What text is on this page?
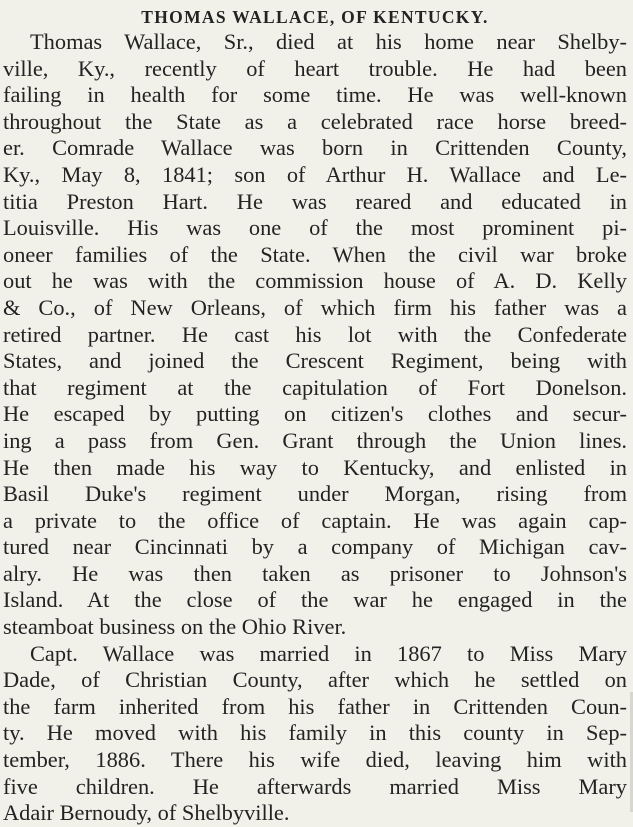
THOMAS WALLACE, OF KENTUCKY.

Thomas Wallace, Sr., died at his home near Shelby-
ville, Ky., recently of heart trouble. He had been
failing in health for some time. He was well-known
throughout the State as a celebrated race horse breed-
er. Comrade Wallace was born in Crittenden County,
Ky., May 8, 1841; son of Arthur H. Wallace and Le-
titia Preston Hart. He was reared and educated in
Louisville. His was one of the most prominent pi-
oneer families of the State. When the civil war broke
out he was with the commission house of A. D. Kelly
& Co., of New Orleans, of which firm his father was a
retired partner. He cast his lot with the Confederate
States, and joined the Crescent Regiment, being with
that regiment at the capitulation of Fort Donelson.
He escaped by putting on citizen's clothes and secur-
ing a pass from Gen. Grant through the Union lines.
He then made his way to Kentucky, and enlisted in
Basil Duke's regiment under Morgan, rising from
a private to the office of captain. He was again cap-
tured near Cincinnati by a company of Michigan cav-
alry. He was then taken as prisoner to Johnson's
Island. At the close of the war he engaged in the
steamboat business on the Ohio River.

Capt. Wallace was married in 1867 to Miss Mary
Dade, of Christian County, after which he settled on
the farm inherited from his father in Crittenden Coun-
ty. He moved with his family in this county in Sep-
tember, 1886. There his wife died, leaving him with
five children. He afterwards married Miss Mary
Adair Bernoudy, of Shelbyville.
